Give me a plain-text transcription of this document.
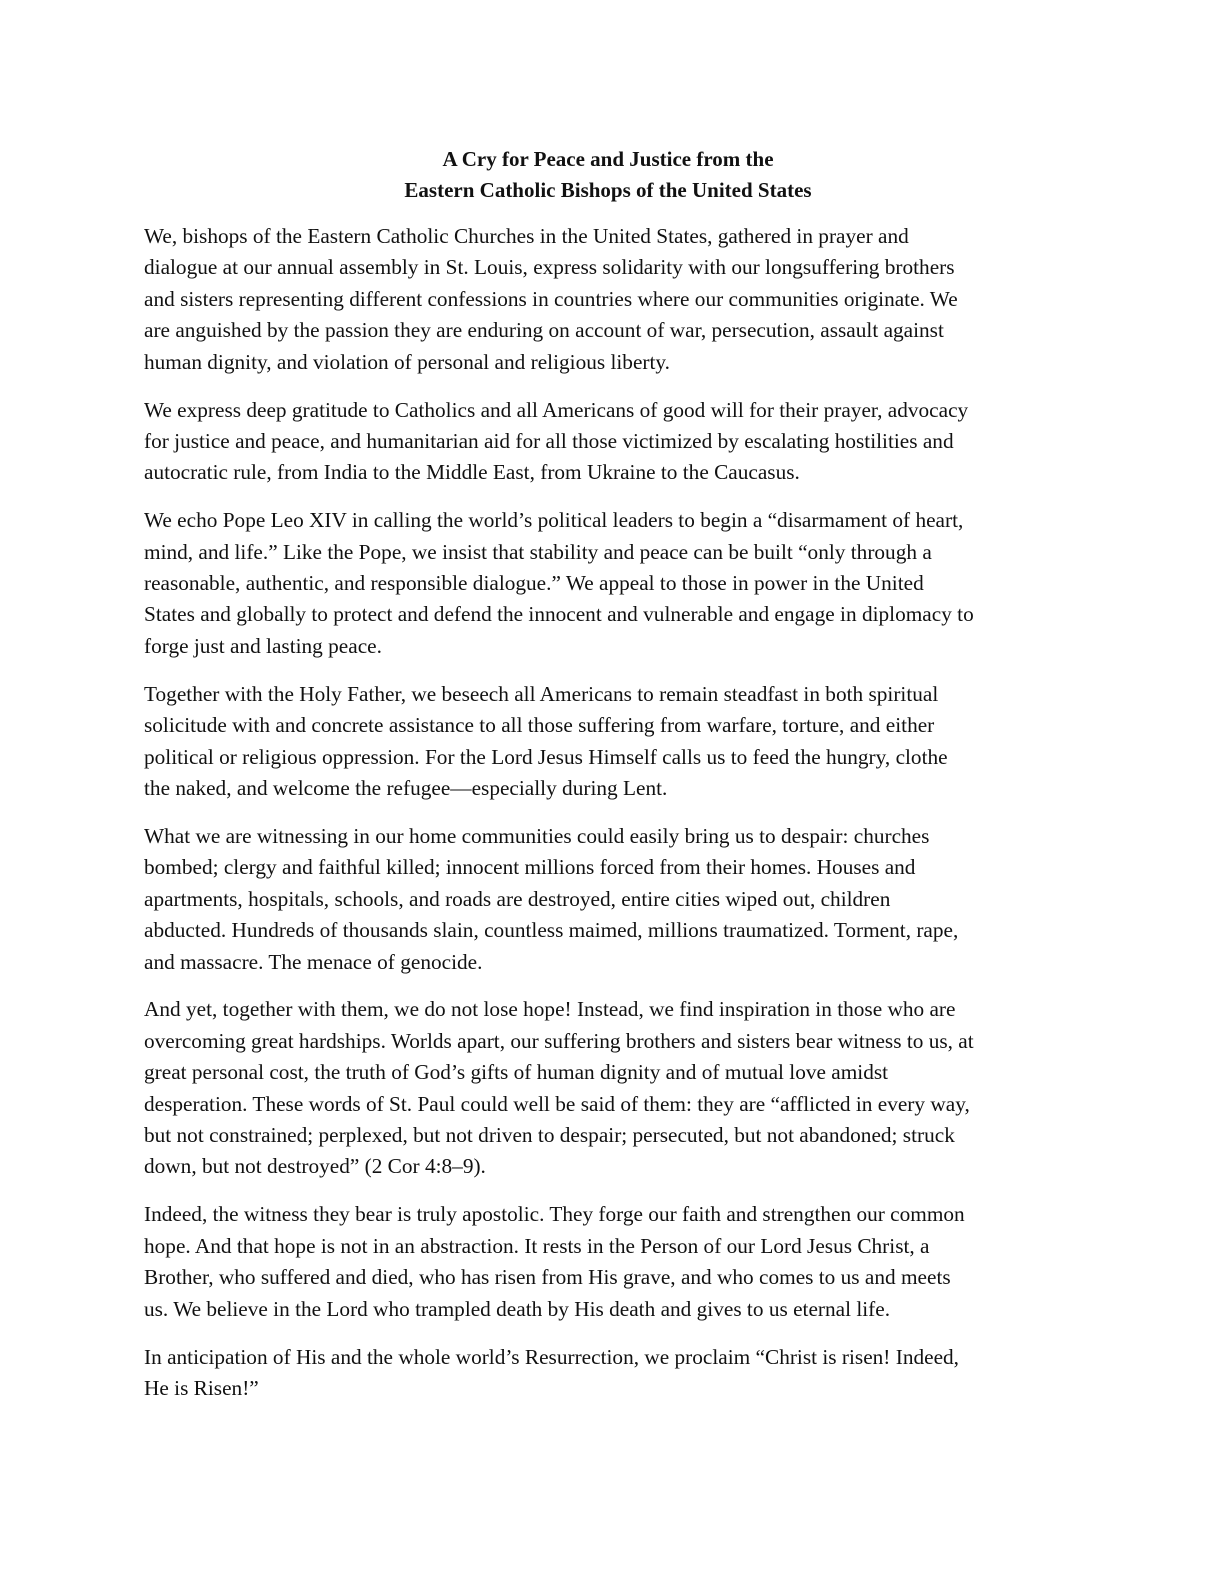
A Cry for Peace and Justice from the
Eastern Catholic Bishops of the United States
We, bishops of the Eastern Catholic Churches in the United States, gathered in prayer and
dialogue at our annual assembly in St. Louis, express solidarity with our longsuffering brothers
and sisters representing different confessions in countries where our communities originate. We
are anguished by the passion they are enduring on account of war, persecution, assault against
human dignity, and violation of personal and religious liberty.
We express deep gratitude to Catholics and all Americans of good will for their prayer, advocacy
for justice and peace, and humanitarian aid for all those victimized by escalating hostilities and
autocratic rule, from India to the Middle East, from Ukraine to the Caucasus.
We echo Pope Leo XIV in calling the world’s political leaders to begin a “disarmament of heart,
mind, and life.” Like the Pope, we insist that stability and peace can be built “only through a
reasonable, authentic, and responsible dialogue.” We appeal to those in power in the United
States and globally to protect and defend the innocent and vulnerable and engage in diplomacy to
forge just and lasting peace.
Together with the Holy Father, we beseech all Americans to remain steadfast in both spiritual
solicitude with and concrete assistance to all those suffering from warfare, torture, and either
political or religious oppression. For the Lord Jesus Himself calls us to feed the hungry, clothe
the naked, and welcome the refugee—especially during Lent.
What we are witnessing in our home communities could easily bring us to despair: churches
bombed; clergy and faithful killed; innocent millions forced from their homes. Houses and
apartments, hospitals, schools, and roads are destroyed, entire cities wiped out, children
abducted. Hundreds of thousands slain, countless maimed, millions traumatized. Torment, rape,
and massacre. The menace of genocide.
And yet, together with them, we do not lose hope! Instead, we find inspiration in those who are
overcoming great hardships. Worlds apart, our suffering brothers and sisters bear witness to us, at
great personal cost, the truth of God’s gifts of human dignity and of mutual love amidst
desperation. These words of St. Paul could well be said of them: they are “afflicted in every way,
but not constrained; perplexed, but not driven to despair; persecuted, but not abandoned; struck
down, but not destroyed” (2 Cor 4:8–9).
Indeed, the witness they bear is truly apostolic. They forge our faith and strengthen our common
hope. And that hope is not in an abstraction. It rests in the Person of our Lord Jesus Christ, a
Brother, who suffered and died, who has risen from His grave, and who comes to us and meets
us. We believe in the Lord who trampled death by His death and gives to us eternal life.
In anticipation of His and the whole world’s Resurrection, we proclaim “Christ is risen! Indeed,
He is Risen!”
